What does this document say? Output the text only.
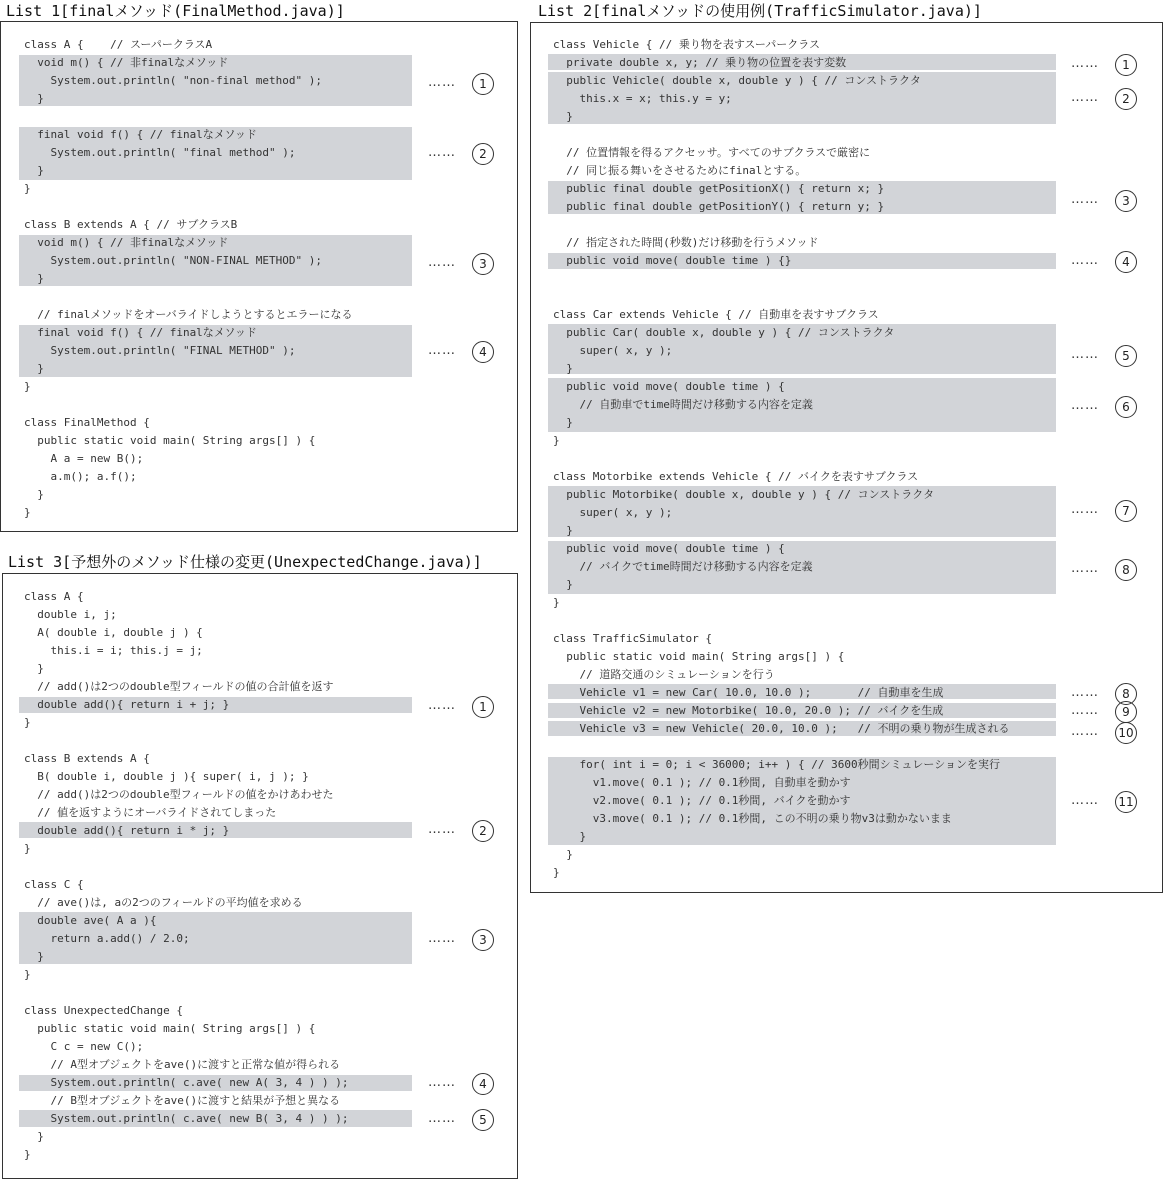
List 1[finalメソッド(FinalMethod.java)]
class A {    // スーパークラスA
void m() { // 非finalなメソッド
System.out.println( "non-final method" );
}
final void f() { // finalなメソッド
System.out.println( "final method" );
}
}
class B extends A { // サブクラスB
void m() { // 非finalなメソッド
System.out.println( "NON-FINAL METHOD" );
}
// finalメソッドをオーバライドしようとするとエラーになる
final void f() { // finalなメソッド
System.out.println( "FINAL METHOD" );
}
}
class FinalMethod {
public static void main( String args[] ) {
A a = new B();
a.m(); a.f();
}
}
……	1
……	2
……	3
……	4
List 2[finalメソッドの使用例(TrafficSimulator.java)]
class Vehicle { // 乗り物を表すスーパークラス
private double x, y; // 乗り物の位置を表す変数
public Vehicle( double x, double y ) { // コンストラクタ
this.x = x; this.y = y;
}
// 位置情報を得るアクセッサ。すべてのサブクラスで厳密に
// 同じ振る舞いをさせるためにfinalとする。
public final double getPositionX() { return x; }
public final double getPositionY() { return y; }
// 指定された時間(秒数)だけ移動を行うメソッド
public void move( double time ) {}
class Car extends Vehicle { // 自動車を表すサブクラス
public Car( double x, double y ) { // コンストラクタ
super( x, y );
}
public void move( double time ) {
// 自動車でtime時間だけ移動する内容を定義
}
}
class Motorbike extends Vehicle { // バイクを表すサブクラス
public Motorbike( double x, double y ) { // コンストラクタ
super( x, y );
}
public void move( double time ) {
// バイクでtime時間だけ移動する内容を定義
}
}
class TrafficSimulator {
public static void main( String args[] ) {
// 道路交通のシミュレーションを行う
Vehicle v1 = new Car( 10.0, 10.0 );       // 自動車を生成
Vehicle v2 = new Motorbike( 10.0, 20.0 ); // バイクを生成
Vehicle v3 = new Vehicle( 20.0, 10.0 );   // 不明の乗り物が生成される
for( int i = 0; i < 36000; i++ ) { // 3600秒間シミュレーションを実行
v1.move( 0.1 ); // 0.1秒間, 自動車を動かす
v2.move( 0.1 ); // 0.1秒間, バイクを動かす
v3.move( 0.1 ); // 0.1秒間, この不明の乗り物v3は動かないまま
}
}
}
……	1
……	2
……	3
……	4
……	5
……	6
……	7
……	8
……	8
……	9
…… 10
…… 11
List 3[予想外のメソッド仕様の変更(UnexpectedChange.java)]
class A {
double i, j;
A( double i, double j ) {
this.i = i; this.j = j;
}
// add()は2つのdouble型フィールドの値の合計値を返す
double add(){ return i + j; }
}
class B extends A {
B( double i, double j ){ super( i, j ); }
// add()は2つのdouble型フィールドの値をかけあわせた
// 値を返すようにオーバライドされてしまった
double add(){ return i * j; }
}
class C {
// ave()は, aの2つのフィールドの平均値を求める
double ave( A a ){
return a.add() / 2.0;
}
}
class UnexpectedChange {
public static void main( String args[] ) {
C c = new C();
// A型オブジェクトをave()に渡すと正常な値が得られる
System.out.println( c.ave( new A( 3, 4 ) ) );
// B型オブジェクトをave()に渡すと結果が予想と異なる
System.out.println( c.ave( new B( 3, 4 ) ) );
}
}
……	1
……	2
……	3
……	4
……	5
